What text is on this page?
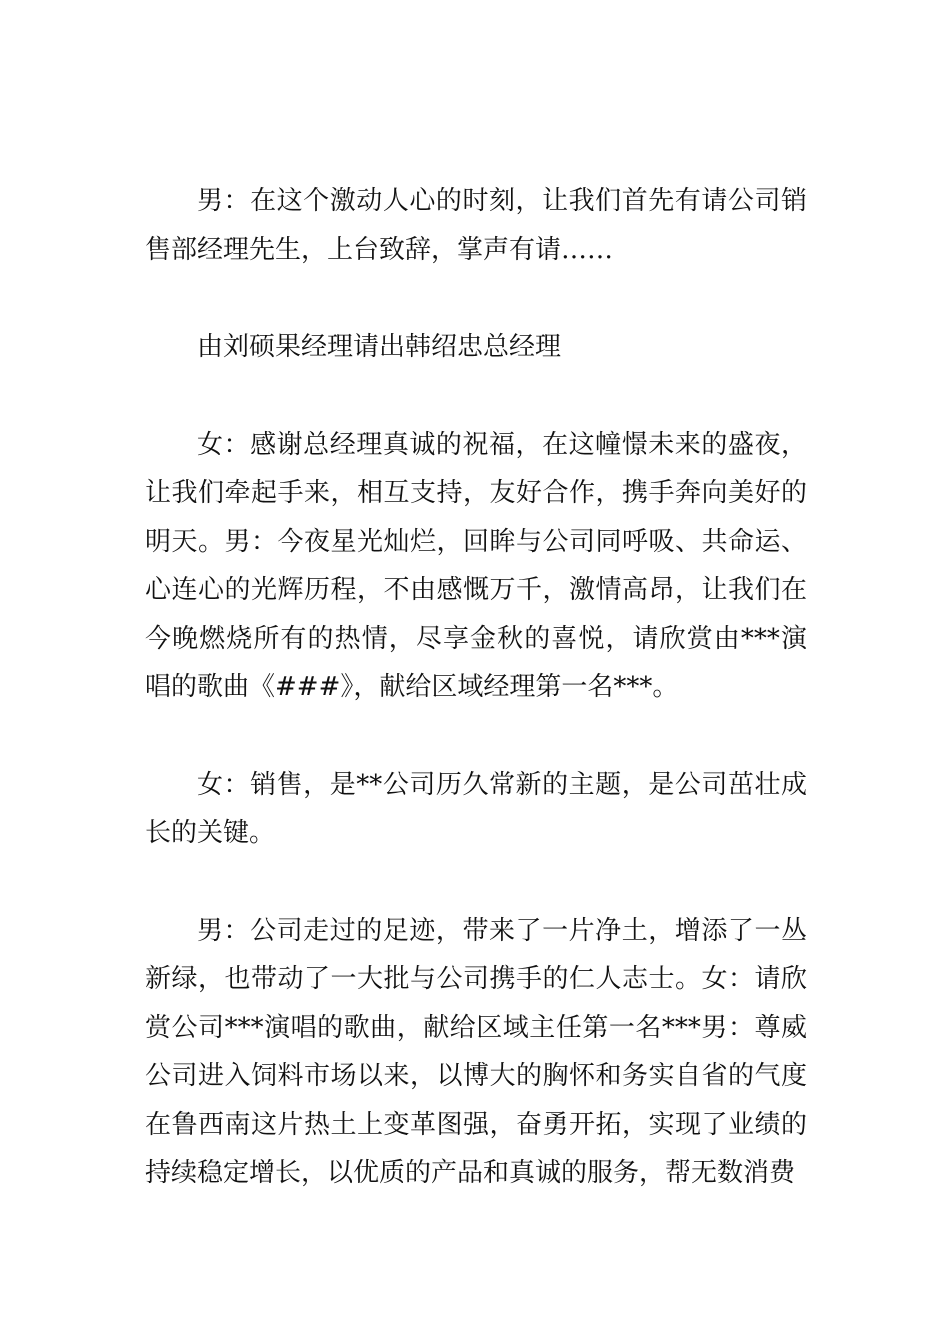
男：在这个激动人心的时刻，让我们首先有请公司销售部经理先生，上台致辞，掌声有请……

由刘硕果经理请出韩绍忠总经理

女：感谢总经理真诚的祝福，在这幢憬未来的盛夜，让我们牵起手来，相互支持，友好合作，携手奔向美好的明天。男：今夜星光灿烂，回眸与公司同呼吸、共命运、心连心的光辉历程，不由感慨万千，激情高昂，让我们在今晚燃烧所有的热情，尽享金秋的喜悦，请欣赏由***演唱的歌曲《###》，献给区域经理第一名***。

女：销售，是**公司历久常新的主题，是公司茁壮成长的关键。

男：公司走过的足迹，带来了一片净土，增添了一丛新绿，也带动了一大批与公司携手的仁人志士。女：请欣赏公司***演唱的歌曲，献给区域主任第一名***男：尊威公司进入饲料市场以来，以博大的胸怀和务实自省的气度在鲁西南这片热土上变革图强，奋勇开拓，实现了业绩的持续稳定增长，以优质的产品和真诚的服务，帮无数消费
